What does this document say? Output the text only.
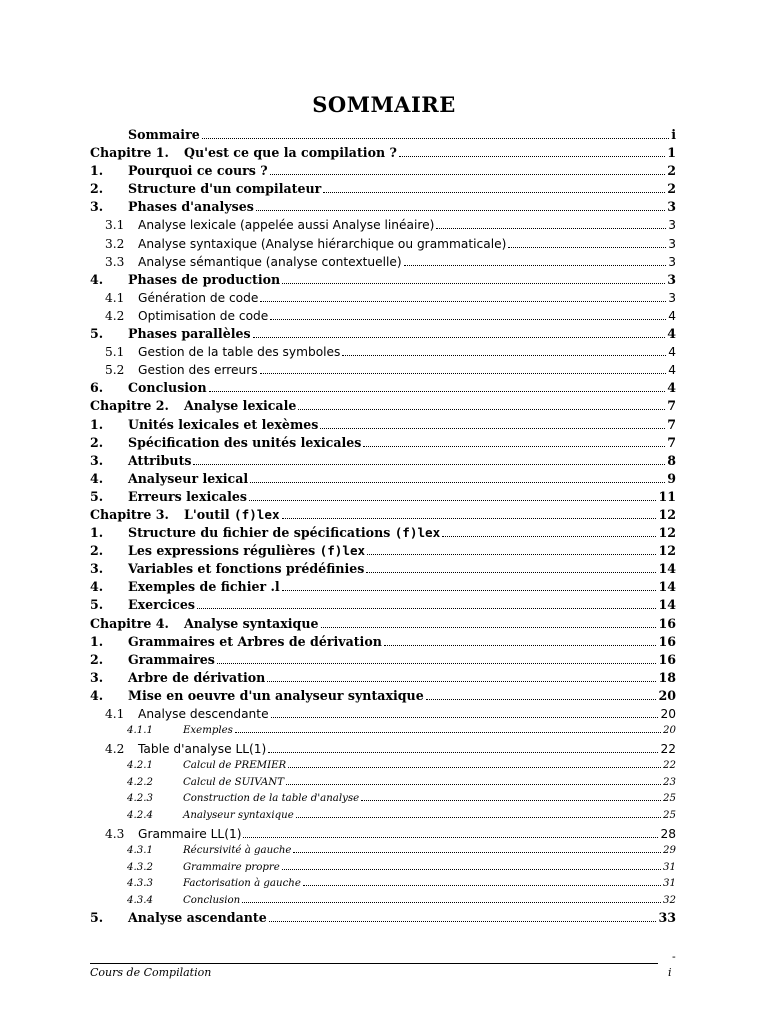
SOMMAIRE
Sommaire	i
Chapitre 1.	Qu'est ce que la compilation ?	1
1.	Pourquoi ce cours ?	2
2.	Structure d'un compilateur	2
3.	Phases d'analyses	3
3.1	Analyse lexicale (appelée aussi Analyse linéaire)	3
3.2	Analyse syntaxique (Analyse hiérarchique ou grammaticale)	3
3.3	Analyse sémantique (analyse contextuelle)	3
4.	Phases de production	3
4.1	Génération de code	3
4.2	Optimisation de code	4
5.	Phases parallèles	4
5.1	Gestion de la table des symboles	4
5.2	Gestion des erreurs	4
6.	Conclusion	4
Chapitre 2.	Analyse lexicale	7
1.	Unités lexicales et lexèmes	7
2.	Spécification des unités lexicales	7
3.	Attributs	8
4.	Analyseur lexical	9
5.	Erreurs lexicales	11
Chapitre 3.	L'outil (f)lex	12
1.	Structure du fichier de spécifications (f)lex	12
2.	Les expressions régulières (f)lex	12
3.	Variables et fonctions prédéfinies	14
4.	Exemples de fichier .l	14
5.	Exercices	14
Chapitre 4.	Analyse syntaxique	16
1.	Grammaires et Arbres de dérivation	16
2.	Grammaires	16
3.	Arbre de dérivation	18
4.	Mise en oeuvre d'un analyseur syntaxique	20
4.1	Analyse descendante	20
4.1.1	Exemples	20
4.2	Table d'analyse LL(1)	22
4.2.1	Calcul de PREMIER	22
4.2.2	Calcul de SUIVANT	23
4.2.3	Construction de la table d'analyse	25
4.2.4	Analyseur syntaxique	25
4.3	Grammaire LL(1)	28
4.3.1	Récursivité à gauche	29
4.3.2	Grammaire propre	31
4.3.3	Factorisation à gauche	31
4.3.4	Conclusion	32
5.	Analyse ascendante	33
-
Cours de Compilation	i
